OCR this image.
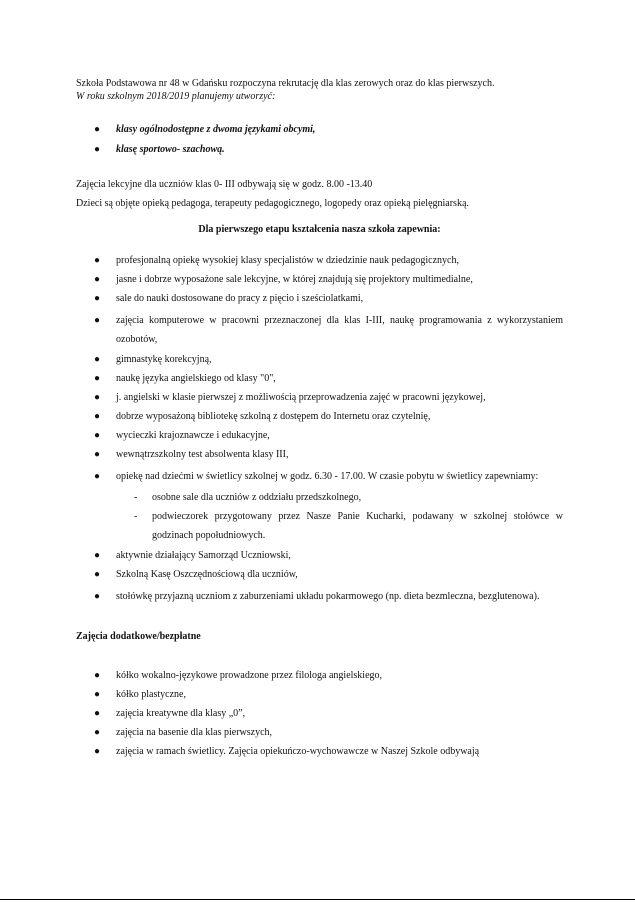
Szkoła Podstawowa nr 48 w Gdańsku rozpoczyna rekrutację dla klas zerowych oraz do klas pierwszych.

W roku szkolnym 2018/2019 planujemy utworzyć:

● klasy ogólnodostępne z dwoma językami obcymi,
● klasę sportowo- szachową.

Zajęcia lekcyjne dla uczniów klas 0- III odbywają się w godz. 8.00 -13.40

Dzieci są objęte opieką pedagoga, terapeuty pedagogicznego, logopedy oraz opieką pielęgniarską.

Dla pierwszego etapu kształcenia nasza szkoła zapewnia:

● profesjonalną opiekę wysokiej klasy specjalistów w dziedzinie nauk pedagogicznych,
● jasne i dobrze wyposażone sale lekcyjne, w której znajdują się projektory multimedialne,
● sale do nauki dostosowane do pracy z pięcio i sześciolatkami,
● zajęcia komputerowe w pracowni przeznaczonej dla klas I-III, naukę programowania z wykorzystaniem ozobotów,
● gimnastykę korekcyjną,
● naukę języka angielskiego od klasy "0",
● j. angielski w klasie pierwszej z możliwością przeprowadzenia zajęć w pracowni językowej,
● dobrze wyposażoną bibliotekę szkolną z dostępem do Internetu oraz czytelnię,
● wycieczki krajoznawcze i edukacyjne,
● wewnątrzszkolny test absolwenta klasy III,
● opiekę nad dziećmi w świetlicy szkolnej w godz. 6.30 - 17.00. W czasie pobytu w świetlicy zapewniamy:
- osobne sale dla uczniów z oddziału przedszkolnego,
- podwieczorek przygotowany przez Nasze Panie Kucharki, podawany w szkolnej stołówce w godzinach popołudniowych.
● aktywnie działający Samorząd Uczniowski,
● Szkolną Kasę Oszczędnościową dla uczniów,
● stołówkę przyjazną uczniom z zaburzeniami układu pokarmowego (np. dieta bezmleczna, bezglutenowa).

Zajęcia dodatkowe/bezpłatne

● kółko wokalno-językowe prowadzone przez filologa angielskiego,
● kółko plastyczne,
● zajęcia kreatywne dla klasy „0”,
● zajęcia na basenie dla klas pierwszych,
● zajęcia w ramach świetlicy. Zajęcia opiekuńczo-wychowawcze w Naszej Szkole odbywają
